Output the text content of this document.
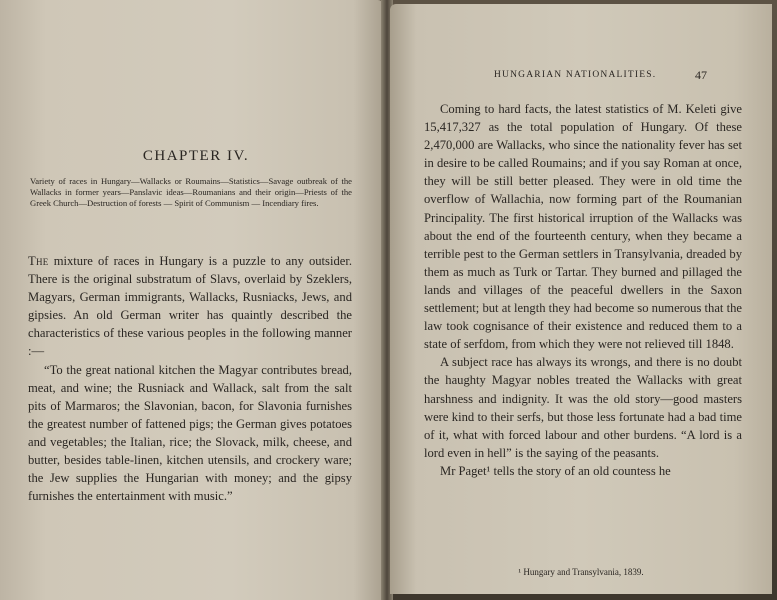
CHAPTER IV.
Variety of races in Hungary—Wallacks or Roumains—Statistics—Savage outbreak of the Wallacks in former years—Panslavic ideas—Roumanians and their origin—Priests of the Greek Church—Destruction of forests — Spirit of Communism — Incendiary fires.

The mixture of races in Hungary is a puzzle to any outsider. There is the original substratum of Slavs, overlaid by Szeklers, Magyars, German immigrants, Wallacks, Rusniacks, Jews, and gipsies. An old German writer has quaintly described the characteristics of these various peoples in the following manner :—

“To the great national kitchen the Magyar contributes bread, meat, and wine; the Rusniack and Wallack, salt from the salt pits of Marmaros; the Slavonian, bacon, for Slavonia furnishes the greatest number of fattened pigs; the German gives potatoes and vegetables; the Italian, rice; the Slovack, milk, cheese, and butter, besides table-linen, kitchen utensils, and crockery ware; the Jew supplies the Hungarian with money; and the gipsy furnishes the entertainment with music.”

HUNGARIAN NATIONALITIES.	47

Coming to hard facts, the latest statistics of M. Keleti give 15,417,327 as the total population of Hungary. Of these 2,470,000 are Wallacks, who since the nationality fever has set in desire to be called Roumains; and if you say Roman at once, they will be still better pleased. They were in old time the overflow of Wallachia, now forming part of the Roumanian Principality. The first historical irruption of the Wallacks was about the end of the fourteenth century, when they became a terrible pest to the German settlers in Transylvania, dreaded by them as much as Turk or Tartar. They burned and pillaged the lands and villages of the peaceful dwellers in the Saxon settlement; but at length they had become so numerous that the law took cognisance of their existence and reduced them to a state of serfdom, from which they were not relieved till 1848.

A subject race has always its wrongs, and there is no doubt the haughty Magyar nobles treated the Wallacks with great harshness and indignity. It was the old story—good masters were kind to their serfs, but those less fortunate had a bad time of it, what with forced labour and other burdens. “A lord is a lord even in hell” is the saying of the peasants.

Mr Paget¹ tells the story of an old countess he

¹ Hungary and Transylvania, 1839.
